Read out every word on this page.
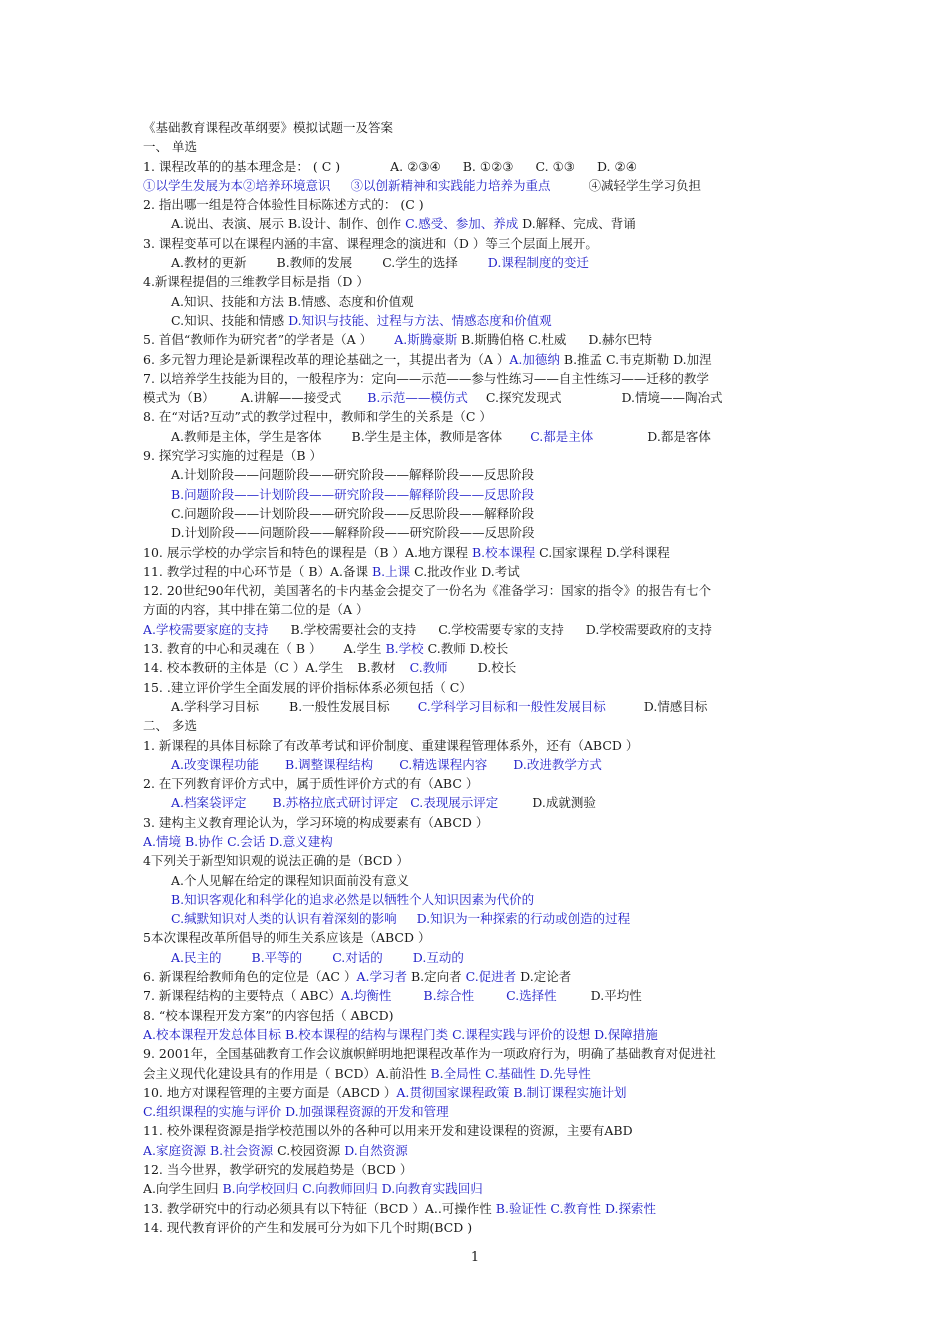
《基础教育课程改革纲要》模拟试题一及答案
一、 单选
1. 课程改革的的基本理念是： ( C )	A. ②③④ B. ①②③ C. ①③ D. ②④
①以学生发展为本②培养环境意识 ③以创新精神和实践能力培养为重点	④减轻学生学习负担
2. 指出哪一组是符合体验性目标陈述方式的： (C )
A.说出、表演、展示 B.设计、制作、创作 C.感受、参加、养成 D.解释、完成、背诵
3. 课程变革可以在课程内涵的丰富、课程理念的演进和（D ）等三个层面上展开。
A.教材的更新 B.教师的发展 C.学生的选择 D.课程制度的变迁
4.新课程提倡的三维教学目标是指（D ）
A.知识、技能和方法 B.情感、态度和价值观
C.知识、技能和情感 D.知识与技能、过程与方法、情感态度和价值观
5. 首倡“教师作为研究者”的学者是（A ） A.斯腾豪斯 B.斯腾伯格 C.杜威 D.赫尔巴特
6. 多元智力理论是新课程改革的理论基础之一，其提出者为（A ）A.加德纳 B.推孟 C.韦克斯勒 D.加涅
7. 以培养学生技能为目的，一般程序为：定向——示范——参与性练习——自主性练习——迁移的教学
模式为（B） A.讲解——接受式 B.示范——模仿式 C.探究发现式	D.情境——陶冶式
8. 在“对话?互动”式的教学过程中，教师和学生的关系是（C ）
A.教师是主体，学生是客体 B.学生是主体，教师是客体 C.都是主体	D.都是客体
9. 探究学习实施的过程是（B ）
A.计划阶段——问题阶段——研究阶段——解释阶段——反思阶段
B.问题阶段——计划阶段——研究阶段——解释阶段——反思阶段
C.问题阶段——计划阶段——研究阶段——反思阶段——解释阶段
D.计划阶段——问题阶段——解释阶段——研究阶段——反思阶段
10. 展示学校的办学宗旨和特色的课程是（B ）A.地方课程 B.校本课程 C.国家课程 D.学科课程
11. 教学过程的中心环节是（ B）A.备课 B.上课 C.批改作业 D.考试
12. 20世纪90年代初，美国著名的卡内基金会提交了一份名为《准备学习：国家的指令》的报告有七个
方面的内容，其中排在第二位的是（A ）
A.学校需要家庭的支持 B.学校需要社会的支持 C.学校需要专家的支持 D.学校需要政府的支持
13. 教育的中心和灵魂在（ B ） A.学生 B.学校 C.教师 D.校长
14. 校本教研的主体是（C ）A.学生 B.教材 C.教师 D.校长
15. .建立评价学生全面发展的评价指标体系必须包括（ C）
A.学科学习目标 B.一般性发展目标 C.学科学习目标和一般性发展目标	D.情感目标
二、 多选
1. 新课程的具体目标除了有改革考试和评价制度、重建课程管理体系外，还有（ABCD ）
A.改变课程功能 B.调整课程结构 C.精选课程内容 D.改进教学方式
2. 在下列教育评价方式中，属于质性评价方式的有（ABC ）
A.档案袋评定 B.苏格拉底式研讨评定 C.表现展示评定	D.成就测验
3. 建构主义教育理论认为，学习环境的构成要素有（ABCD ）
A.情境 B.协作 C.会话 D.意义建构
4下列关于新型知识观的说法正确的是（BCD ）
A.个人见解在给定的课程知识面前没有意义
B.知识客观化和科学化的追求必然是以牺牲个人知识因素为代价的
C.缄默知识对人类的认识有着深刻的影响 D.知识为一种探索的行动或创造的过程
5本次课程改革所倡导的师生关系应该是（ABCD ）
A.民主的 B.平等的 C.对话的 D.互动的
6. 新课程给教师角色的定位是（AC ）A.学习者 B.定向者 C.促进者 D.定论者
7. 新课程结构的主要特点（ ABC）A.均衡性	B.综合性	C.选择性	D.平均性
8. “校本课程开发方案”的内容包括（ ABCD)
A.校本课程开发总体目标 B.校本课程的结构与课程门类 C.课程实践与评价的设想 D.保障措施
9. 2001年，全国基础教育工作会议旗帜鲜明地把课程改革作为一项政府行为，明确了基础教育对促进社
会主义现代化建设具有的作用是（ BCD）A.前沿性 B.全局性 C.基础性 D.先导性
10. 地方对课程管理的主要方面是（ABCD ）A.贯彻国家课程政策 B.制订课程实施计划
C.组织课程的实施与评价 D.加强课程资源的开发和管理
11. 校外课程资源是指学校范围以外的各种可以用来开发和建设课程的资源，主要有ABD
A.家庭资源 B.社会资源 C.校园资源 D.自然资源
12. 当今世界，教学研究的发展趋势是（BCD ）
A.向学生回归 B.向学校回归 C.向教师回归 D.向教育实践回归
13. 教学研究中的行动必须具有以下特征（BCD ）A..可操作性 B.验证性 C.教育性 D.探索性
14. 现代教育评价的产生和发展可分为如下几个时期(BCD )
1
